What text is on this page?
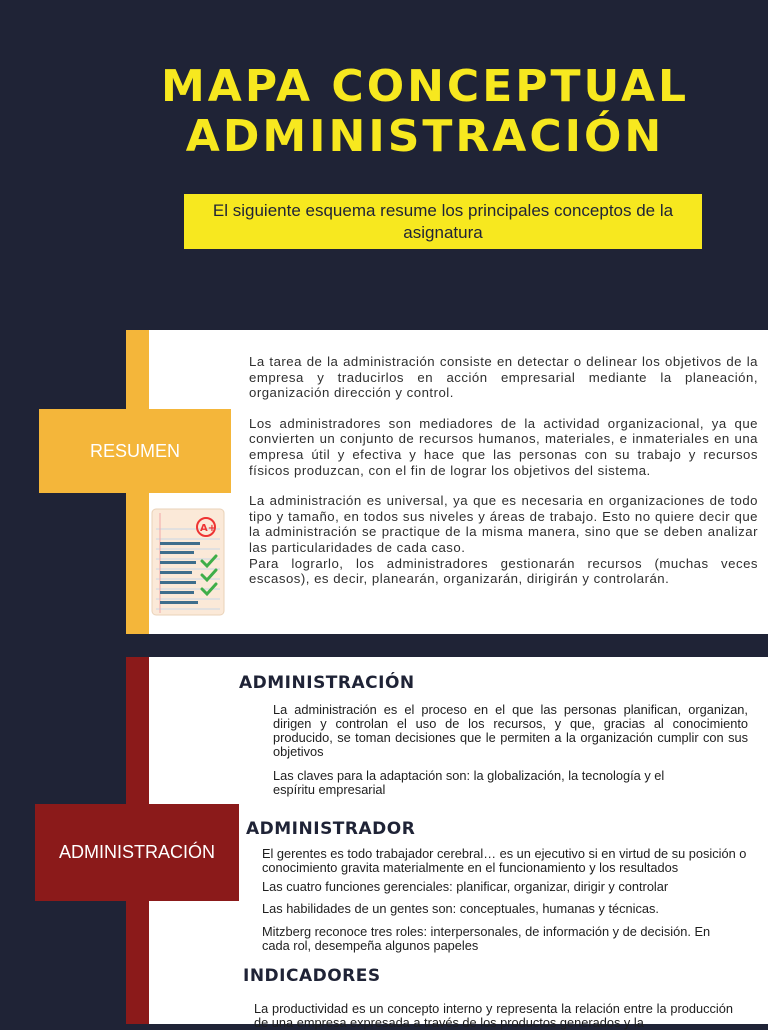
MAPA CONCEPTUAL
ADMINISTRACIÓN
El siguiente esquema resume los principales conceptos de la asignatura
RESUMEN

La tarea de la administración consiste en detectar o delinear los objetivos de la empresa y traducirlos en acción empresarial mediante la planeación, organización dirección y control.

Los administradores son mediadores de la actividad organizacional, ya que convierten un conjunto de recursos humanos, materiales, e inmateriales en una empresa útil y efectiva y hace que las personas con su trabajo y recursos físicos produzcan, con el fin de lograr los objetivos del sistema.

La administración es universal, ya que es necesaria en organizaciones de todo tipo y tamaño, en todos sus niveles y áreas de trabajo. Esto no quiere decir que la administración se practique de la misma manera, sino que se deben analizar las particularidades de cada caso.

Para lograrlo, los administradores gestionarán recursos (muchas veces escasos), es decir, planearán, organizarán, dirigirán y controlarán.

A+
ADMINISTRACIÓN
ADMINISTRACIÓN

La administración es el proceso en el que las personas planifican, organizan, dirigen y controlan el uso de los recursos, y que, gracias al conocimiento producido, se toman decisiones que le permiten a la organización cumplir con sus objetivos

Las claves para la adaptación son: la globalización, la tecnología y el espíritu empresarial

ADMINISTRADOR

El gerentes es todo trabajador cerebral… es un ejecutivo si en virtud de su posición o conocimiento gravita materialmente en el funcionamiento y los resultados

Las cuatro funciones gerenciales: planificar, organizar, dirigir y controlar

Las habilidades de un gentes son: conceptuales, humanas y técnicas.

Mitzberg reconoce tres roles: interpersonales, de información y de decisión. En cada rol, desempeña algunos papeles

INDICADORES

La productividad es un concepto interno y representa la relación entre la producción de una empresa expresada a través de los productos generados y la
